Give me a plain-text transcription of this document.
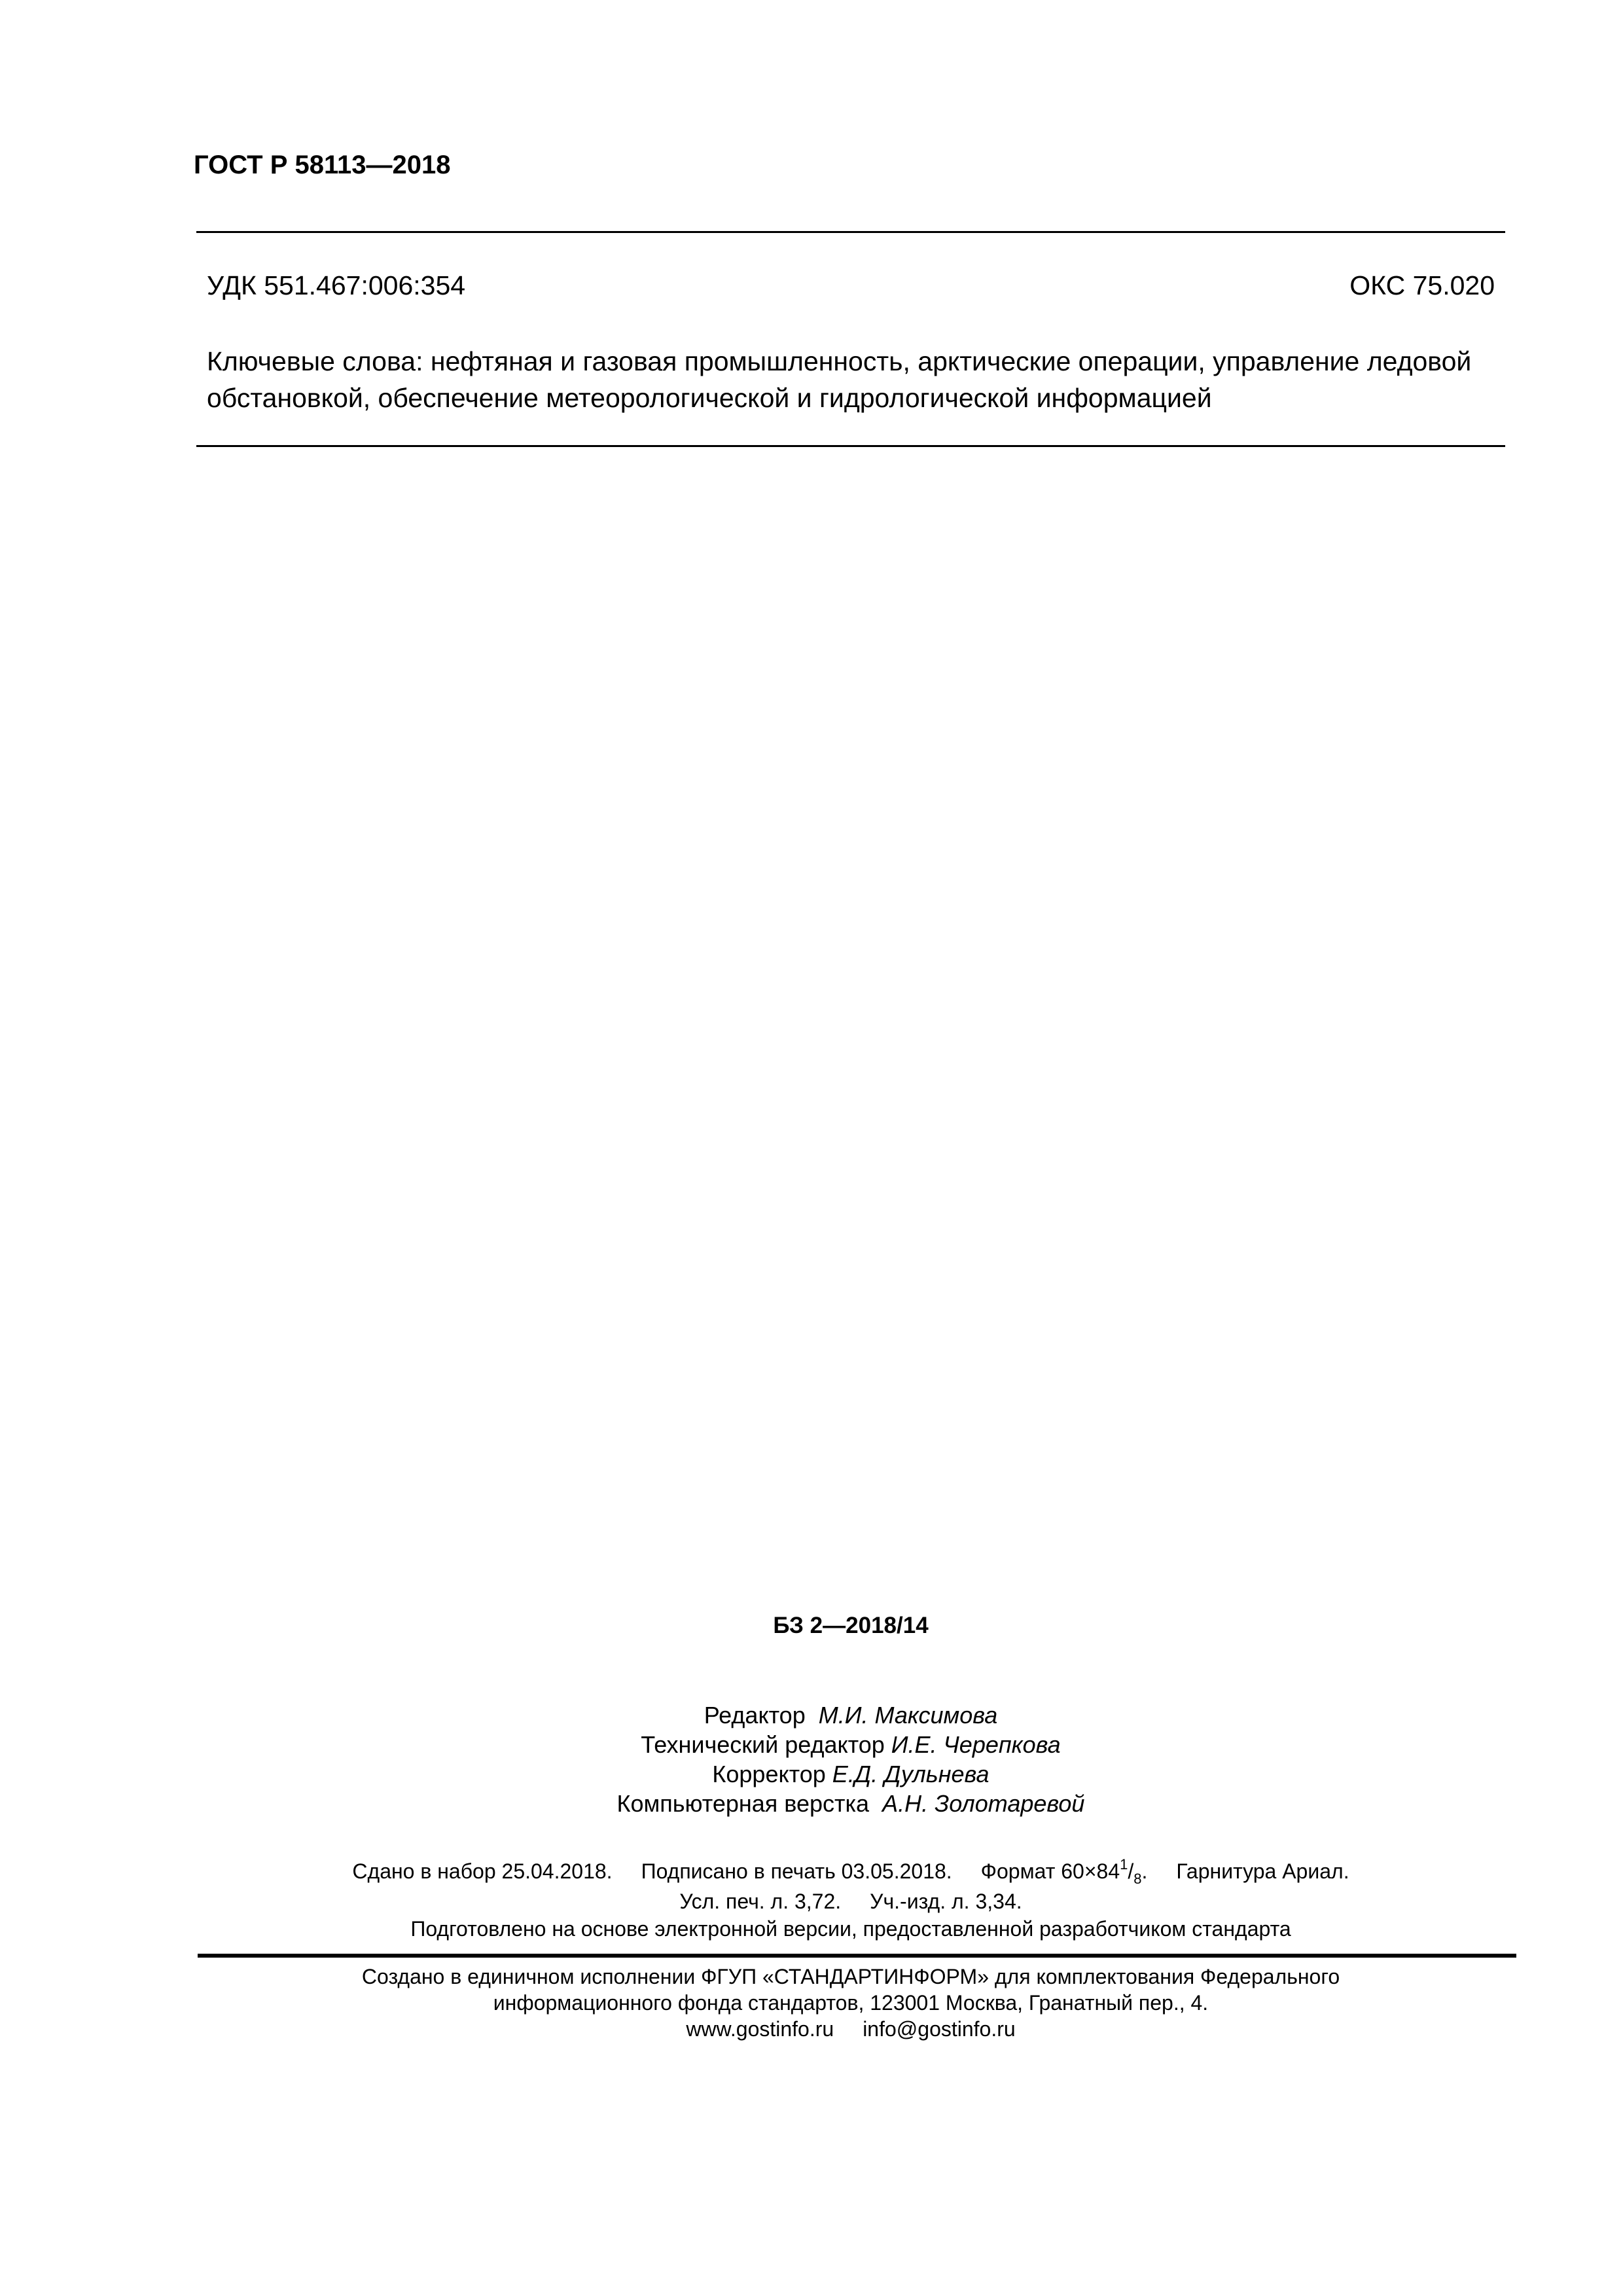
ГОСТ Р 58113—2018
УДК 551.467:006:354	ОКС 75.020
Ключевые слова: нефтяная и газовая промышленность, арктические операции, управление ледовой обстановкой, обеспечение метеорологической и гидрологической информацией
БЗ 2—2018/14
Редактор М.И. Максимова
Технический редактор И.Е. Черепкова
Корректор Е.Д. Дульнева
Компьютерная верстка А.Н. Золотаревой
Сдано в набор 25.04.2018. Подписано в печать 03.05.2018. Формат $60\times 84^1/_8$. Гарнитура Ариал.
Усл. печ. л. 3,72. Уч.-изд. л. 3,34.
Подготовлено на основе электронной версии, предоставленной разработчиком стандарта
Создано в единичном исполнении ФГУП «СТАНДАРТИНФОРМ» для комплектования Федерального
информационного фонда стандартов, 123001 Москва, Гранатный пер., 4.
www.gostinfo.ru info@gostinfo.ru
